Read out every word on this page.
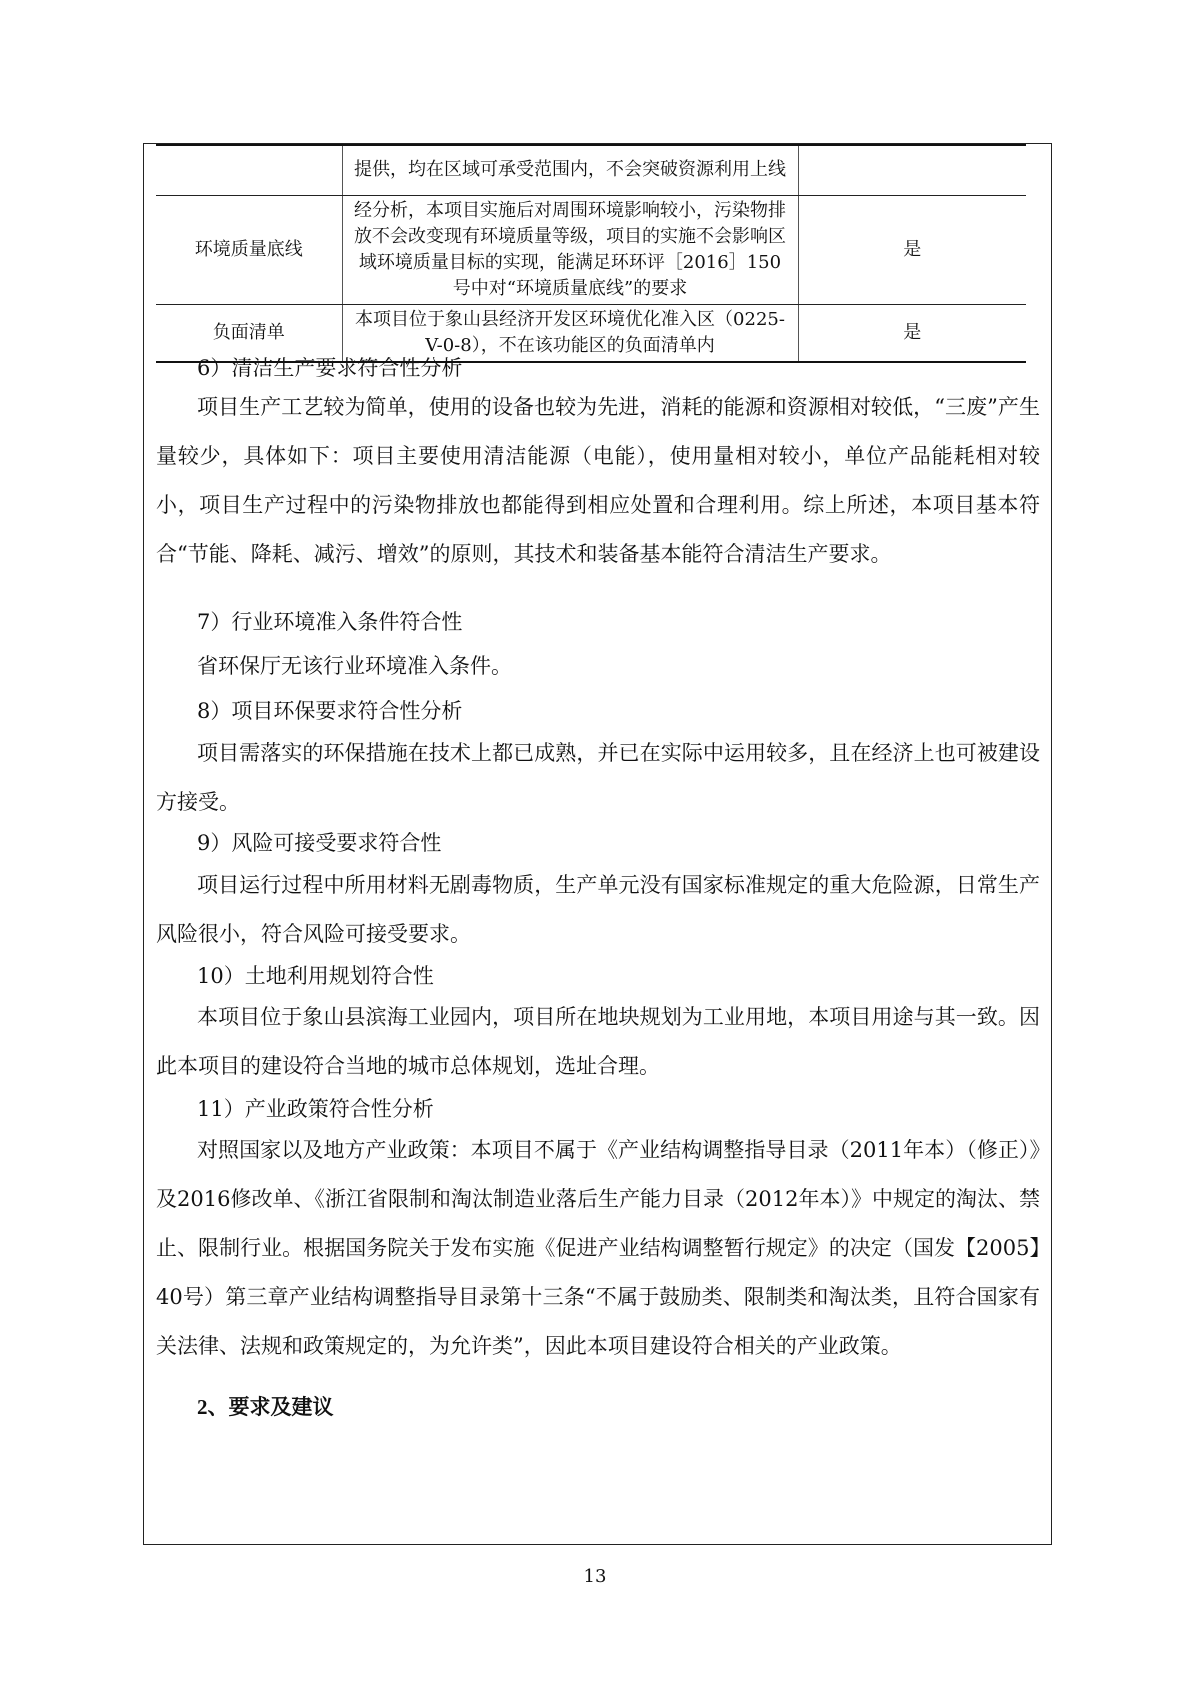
	提供，均在区域可承受范围内，不会突破资源利用上线	
环境质量底线	经分析，本项目实施后对周围环境影响较小，污染物排放不会改变现有环境质量等级，项目的实施不会影响区域环境质量目标的实现，能满足环环评［2016］150号中对“环境质量底线”的要求	是
负面清单	本项目位于象山县经济开发区环境优化准入区（0225-V-0-8），不在该功能区的负面清单内	是
6）清洁生产要求符合性分析

项目生产工艺较为简单，使用的设备也较为先进，消耗的能源和资源相对较低，“三废”产生量较少，具体如下：项目主要使用清洁能源（电能），使用量相对较小，单位产品能耗相对较小，项目生产过程中的污染物排放也都能得到相应处置和合理利用。综上所述，本项目基本符合“节能、降耗、减污、增效”的原则，其技术和装备基本能符合清洁生产要求。

7）行业环境准入条件符合性

省环保厅无该行业环境准入条件。

8）项目环保要求符合性分析

项目需落实的环保措施在技术上都已成熟，并已在实际中运用较多，且在经济上也可被建设方接受。

9）风险可接受要求符合性

项目运行过程中所用材料无剧毒物质，生产单元没有国家标准规定的重大危险源，日常生产风险很小，符合风险可接受要求。

10）土地利用规划符合性

本项目位于象山县滨海工业园内，项目所在地块规划为工业用地，本项目用途与其一致。因此本项目的建设符合当地的城市总体规划，选址合理。

11）产业政策符合性分析

对照国家以及地方产业政策：本项目不属于《产业结构调整指导目录（2011年本）（修正）》及2016修改单、《浙江省限制和淘汰制造业落后生产能力目录（2012年本）》中规定的淘汰、禁止、限制行业。根据国务院关于发布实施《促进产业结构调整暂行规定》的决定（国发【2005】40号）第三章产业结构调整指导目录第十三条“不属于鼓励类、限制类和淘汰类，且符合国家有关法律、法规和政策规定的，为允许类”，因此本项目建设符合相关的产业政策。

2、要求及建议
13
